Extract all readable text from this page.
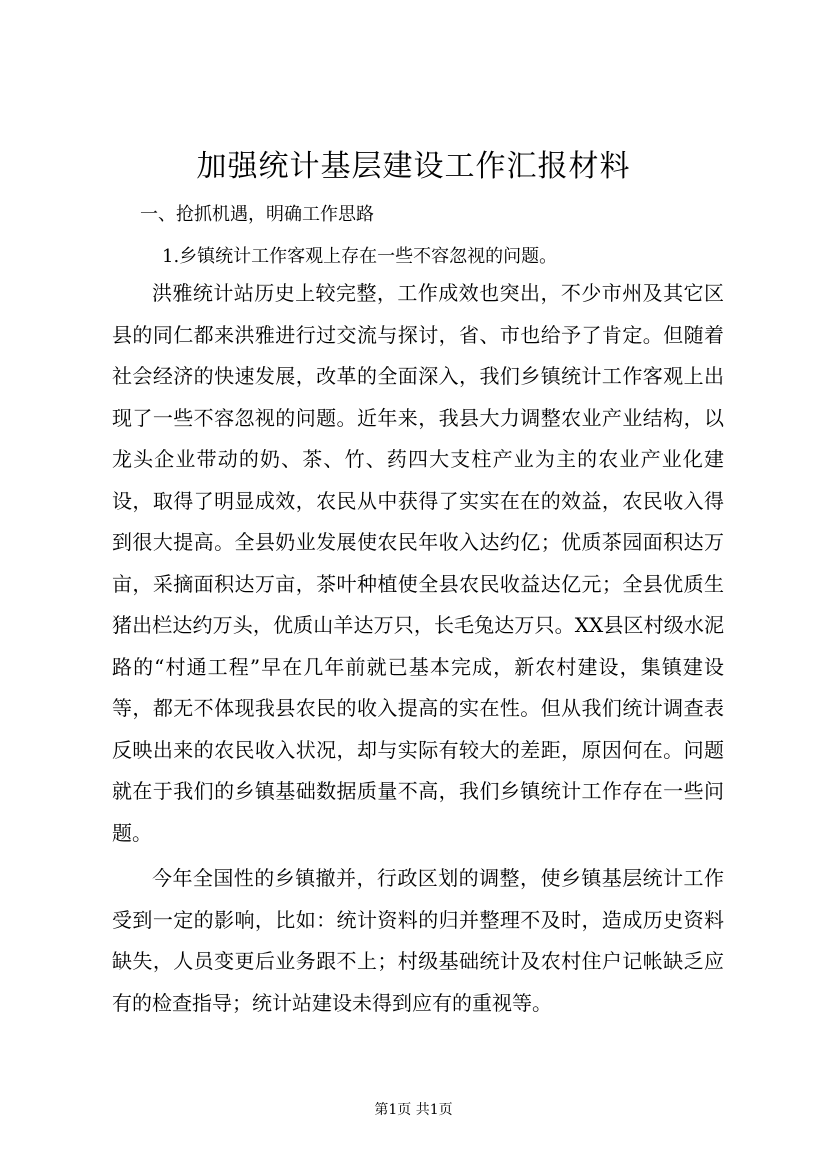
加强统计基层建设工作汇报材料
一、抢抓机遇，明确工作思路
1.乡镇统计工作客观上存在一些不容忽视的问题。

洪雅统计站历史上较完整，工作成效也突出，不少市州及其它区县的同仁都来洪雅进行过交流与探讨，省、市也给予了肯定。但随着社会经济的快速发展，改革的全面深入，我们乡镇统计工作客观上出现了一些不容忽视的问题。近年来，我县大力调整农业产业结构，以龙头企业带动的奶、茶、竹、药四大支柱产业为主的农业产业化建设，取得了明显成效，农民从中获得了实实在在的效益，农民收入得到很大提高。全县奶业发展使农民年收入达约亿；优质茶园面积达万亩，采摘面积达万亩，茶叶种植使全县农民收益达亿元；全县优质生猪出栏达约万头，优质山羊达万只，长毛兔达万只。XX县区村级水泥路的“村通工程”早在几年前就已基本完成，新农村建设，集镇建设等，都无不体现我县农民的收入提高的实在性。但从我们统计调查表反映出来的农民收入状况，却与实际有较大的差距，原因何在。问题就在于我们的乡镇基础数据质量不高，我们乡镇统计工作存在一些问题。

今年全国性的乡镇撤并，行政区划的调整，使乡镇基层统计工作受到一定的影响，比如：统计资料的归并整理不及时，造成历史资料缺失，人员变更后业务跟不上；村级基础统计及农村住户记帐缺乏应有的检查指导；统计站建设未得到应有的重视等。

第1页 共1页
